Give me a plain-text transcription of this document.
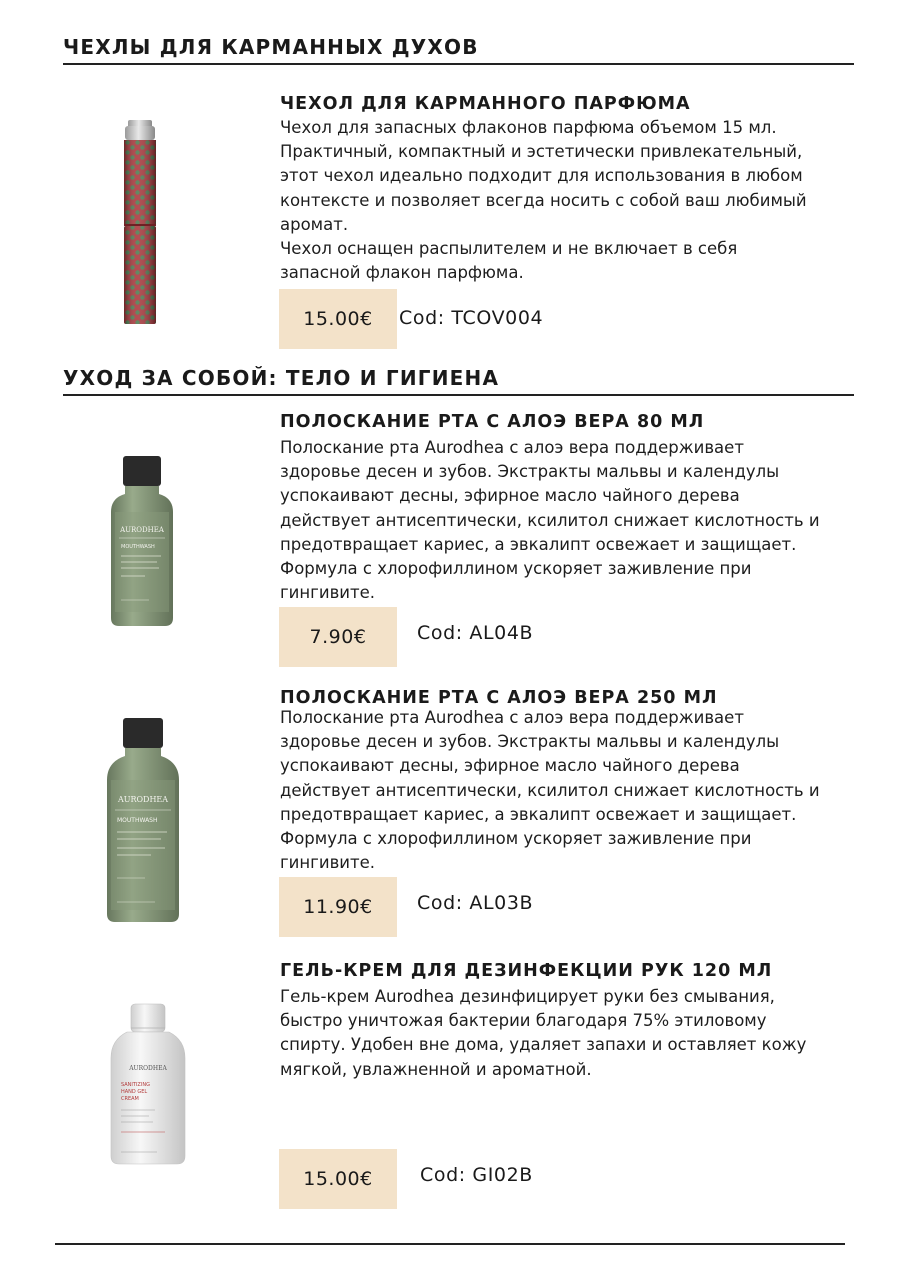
ЧЕХЛЫ ДЛЯ КАРМАННЫХ ДУХОВ
ЧЕХОЛ ДЛЯ КАРМАННОГО ПАРФЮМА
Чехол для запасных флаконов парфюма объемом 15 мл.
Практичный, компактный и эстетически привлекательный,
этот чехол идеально подходит для использования в любом
контексте и позволяет всегда носить с собой ваш любимый
аромат.
Чехол оснащен распылителем и не включает в себя
запасной флакон парфюма.
15.00€	Cod: TCOV004
УХОД ЗА СОБОЙ: ТЕЛО И ГИГИЕНА
AURODHEA
MOUTHWASH
ПОЛОСКАНИЕ РТА С АЛОЭ ВЕРА 80 МЛ
Полоскание рта Aurodhea с алоэ вера поддерживает
здоровье десен и зубов. Экстракты мальвы и календулы
успокаивают десны, эфирное масло чайного дерева
действует антисептически, ксилитол снижает кислотность и
предотвращает кариес, а эвкалипт освежает и защищает.
Формула с хлорофиллином ускоряет заживление при
гингивите.
7.90€	Cod: AL04B
AURODHEA
MOUTHWASH
ПОЛОСКАНИЕ РТА С АЛОЭ ВЕРА 250 МЛ
Полоскание рта Aurodhea с алоэ вера поддерживает
здоровье десен и зубов. Экстракты мальвы и календулы
успокаивают десны, эфирное масло чайного дерева
действует антисептически, ксилитол снижает кислотность и
предотвращает кариес, а эвкалипт освежает и защищает.
Формула с хлорофиллином ускоряет заживление при
гингивите.
11.90€	Cod: AL03B
AURODHEA
SANITIZING
HAND GEL
CREAM
ГЕЛЬ-КРЕМ ДЛЯ ДЕЗИНФЕКЦИИ РУК 120 МЛ
Гель-крем Aurodhea дезинфицирует руки без смывания,
быстро уничтожая бактерии благодаря 75% этиловому
спирту. Удобен вне дома, удаляет запахи и оставляет кожу
мягкой, увлажненной и ароматной.
15.00€	Cod: GI02B
